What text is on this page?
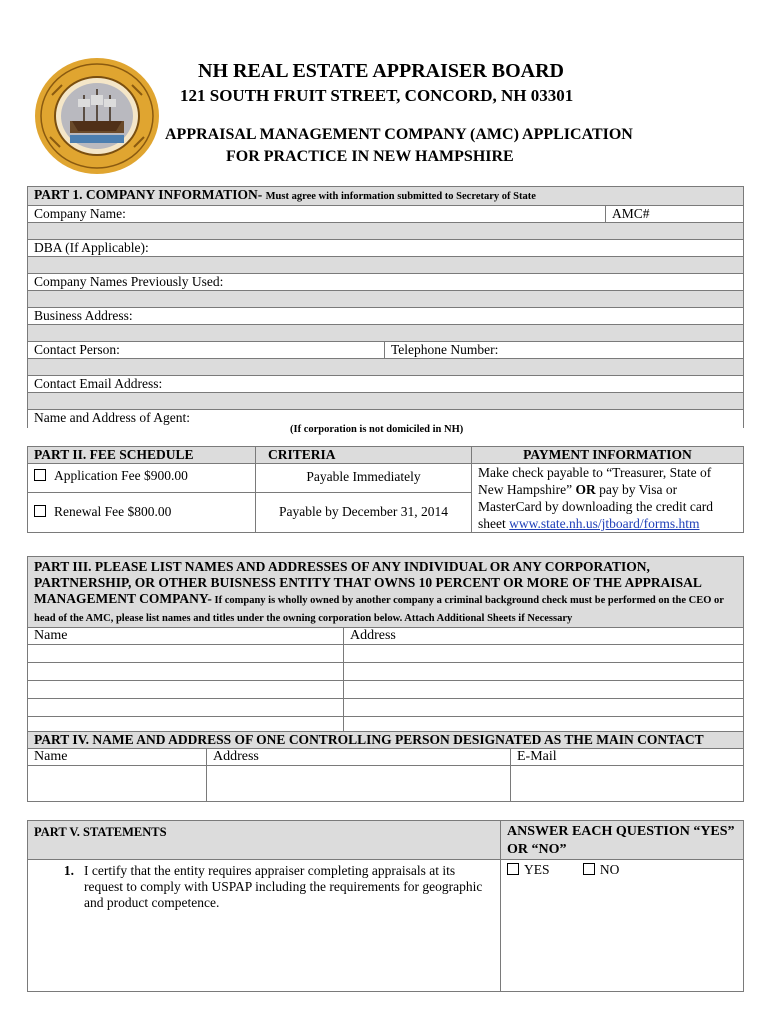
NH REAL ESTATE APPRAISER BOARD
121 SOUTH FRUIT STREET, CONCORD, NH 03301
APPRAISAL MANAGEMENT COMPANY (AMC) APPLICATION
FOR PRACTICE IN NEW HAMPSHIRE
PART 1. COMPANY INFORMATION- Must agree with information submitted to Secretary of State		
Company Name:		AMC#

DBA (If Applicable):		

Company Names Previously Used:		

Business Address:		

Contact Person:	Telephone Number:	

Contact Email Address:		

Name and Address of Agent:		
(If corporation is not domiciled in NH)
PART II. FEE SCHEDULE	CRITERIA	PAYMENT INFORMATION
Application Fee $900.00	Payable Immediately	Make check payable to “Treasurer, State of New Hampshire” OR pay by Visa or MasterCard by downloading the credit card sheet www.state.nh.us/jtboard/forms.htm
Renewal Fee $800.00	Payable by December 31, 2014	
PART III. PLEASE LIST NAMES AND ADDRESSES OF ANY INDIVIDUAL OR ANY CORPORATION, PARTNERSHIP, OR OTHER BUISNESS ENTITY THAT OWNS 10 PERCENT OR MORE OF THE APPRAISAL MANAGEMENT COMPANY- If company is wholly owned by another company a criminal background check must be performed on the CEO or head of the AMC, please list names and titles under the owning corporation below. Attach Additional Sheets if Necessary	
Name	Address

PART IV. NAME AND ADDRESS OF ONE CONTROLLING PERSON DESIGNATED AS THE MAIN CONTACT		
Name	Address	E-Mail

PART V. STATEMENTS	ANSWER EACH QUESTION “YES” OR “NO”

1. I certify that the entity requires appraiser completing appraisals at its request to comply with USPAP including the requirements for geographic and product competence.	YES NO
